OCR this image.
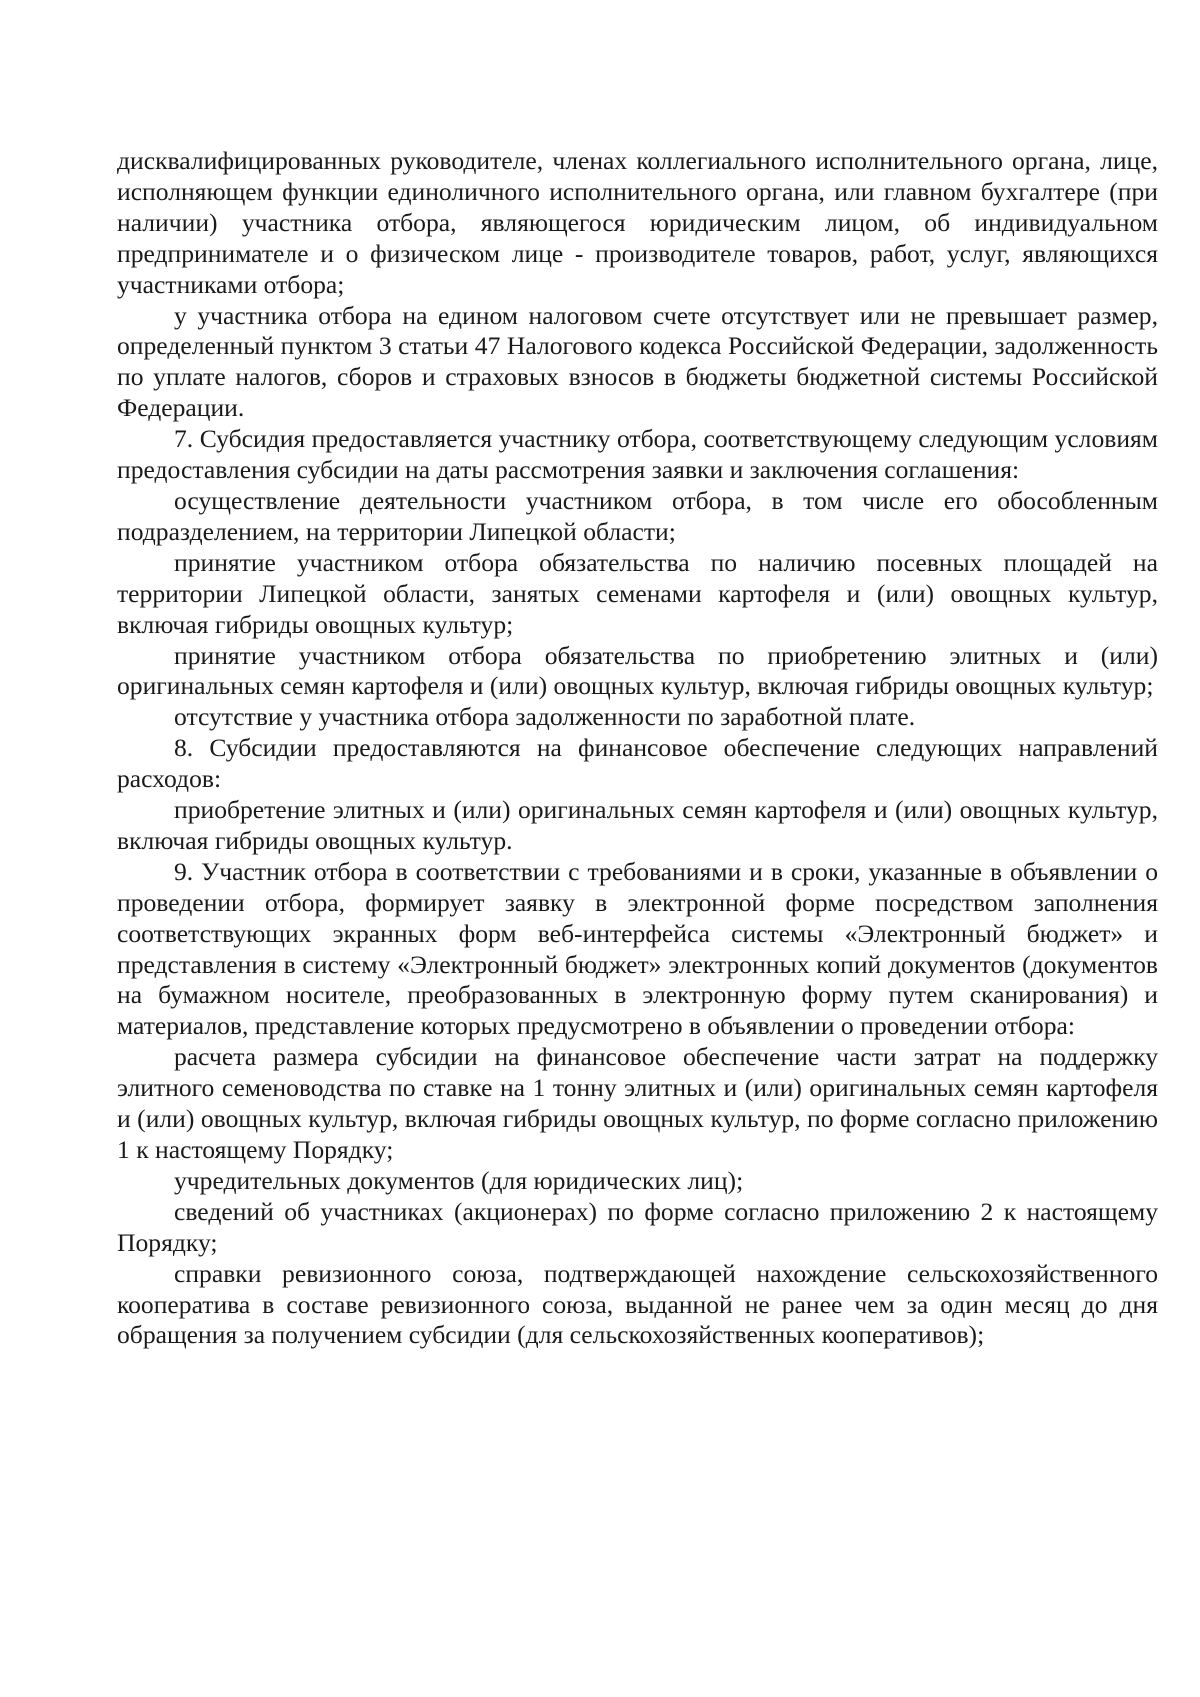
дисквалифицированных руководителе, членах коллегиального исполнительного органа, лице, исполняющем функции единоличного исполнительного органа, или главном бухгалтере (при наличии) участника отбора, являющегося юридическим лицом, об индивидуальном предпринимателе и о физическом лице - производителе товаров, работ, услуг, являющихся участниками отбора;

у участника отбора на едином налоговом счете отсутствует или не превышает размер, определенный пунктом 3 статьи 47 Налогового кодекса Российской Федерации, задолженность по уплате налогов, сборов и страховых взносов в бюджеты бюджетной системы Российской Федерации.

7. Субсидия предоставляется участнику отбора, соответствующему следующим условиям предоставления субсидии на даты рассмотрения заявки и заключения соглашения:

осуществление деятельности участником отбора, в том числе его обособленным подразделением, на территории Липецкой области;

принятие участником отбора обязательства по наличию посевных площадей на территории Липецкой области, занятых семенами картофеля и (или) овощных культур, включая гибриды овощных культур;

принятие участником отбора обязательства по приобретению элитных и (или) оригинальных семян картофеля и (или) овощных культур, включая гибриды овощных культур;

отсутствие у участника отбора задолженности по заработной плате.

8. Субсидии предоставляются на финансовое обеспечение следующих направлений расходов:

приобретение элитных и (или) оригинальных семян картофеля и (или) овощных культур, включая гибриды овощных культур.

9. Участник отбора в соответствии с требованиями и в сроки, указанные в объявлении о проведении отбора, формирует заявку в электронной форме посредством заполнения соответствующих экранных форм веб-интерфейса системы «Электронный бюджет» и представления в систему «Электронный бюджет» электронных копий документов (документов на бумажном носителе, преобразованных в электронную форму путем сканирования) и материалов, представление которых предусмотрено в объявлении о проведении отбора:

расчета размера субсидии на финансовое обеспечение части затрат на поддержку элитного семеноводства по ставке на 1 тонну элитных и (или) оригинальных семян картофеля и (или) овощных культур, включая гибриды овощных культур, по форме согласно приложению 1 к настоящему Порядку;

учредительных документов (для юридических лиц);

сведений об участниках (акционерах) по форме согласно приложению 2 к настоящему Порядку;

справки ревизионного союза, подтверждающей нахождение сельскохозяйственного кооператива в составе ревизионного союза, выданной не ранее чем за один месяц до дня обращения за получением субсидии (для сельскохозяйственных кооперативов);
